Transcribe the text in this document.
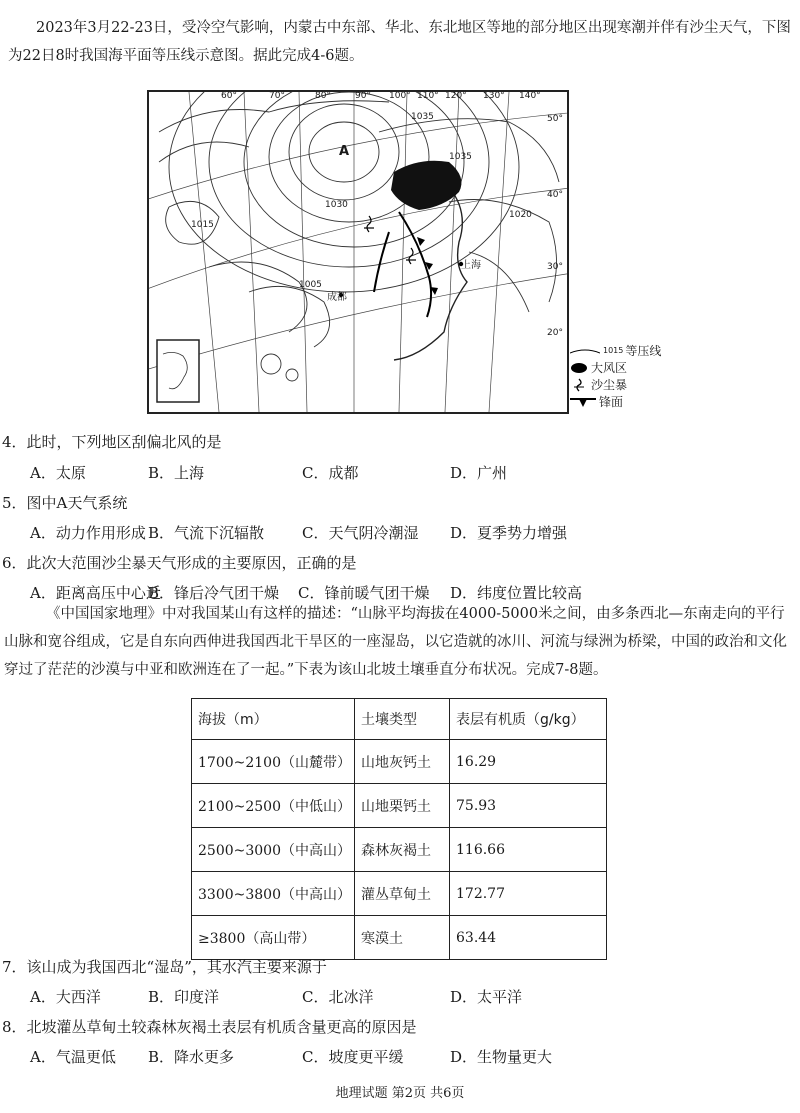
2023年3月22-23日，受冷空气影响，内蒙古中东部、华北、东北地区等地的部分地区出现寒潮并伴有沙尘天气，下图为22日8时我国海平面等压线示意图。据此完成4-6题。
60°	70°	80°	90° 100° 110° 120° 130° 140°
50°
40°
30°
20°
A
1035
1030
1015
1005
1035
1020
成都
上海
1015 等压线
大风区
沙尘暴
锋面
4．此时，下列地区刮偏北风的是
A．太原	B．上海	C．成都	D．广州
5．图中A天气系统
A．动力作用形成 B．气流下沉辐散	C．天气阴冷潮湿 D．夏季势力增强
6．此次大范围沙尘暴天气形成的主要原因，正确的是
A．距离高压中心近
B．锋后冷气团干燥 C．锋前暖气团干燥 D．纬度位置比较高
《中国国家地理》中对我国某山有这样的描述：“山脉平均海拔在4000-5000米之间，由多条西北—东南走向的平行山脉和宽谷组成，它是自东向西伸进我国西北干旱区的一座湿岛，以它造就的冰川、河流与绿洲为桥梁，中国的政治和文化穿过了茫茫的沙漠与中亚和欧洲连在了一起。”下表为该山北坡土壤垂直分布状况。完成7-8题。
海拔（m）	土壤类型	表层有机质（g/kg）
1700~2100（山麓带）	山地灰钙土	16.29
2100~2500（中低山）	山地栗钙土	75.93
2500~3000（中高山）	森林灰褐土	116.66
3300~3800（中高山）	灌丛草甸土	172.77
≥3800（高山带）	寒漠土	63.44
7．该山成为我国西北“湿岛”，其水汽主要来源于
A．大西洋	B．印度洋	C．北冰洋	D．太平洋
8．北坡灌丛草甸土较森林灰褐土表层有机质含量更高的原因是
A．气温更低 B．降水更多	C．坡度更平缓	D．生物量更大
地理试题 第2页 共6页
